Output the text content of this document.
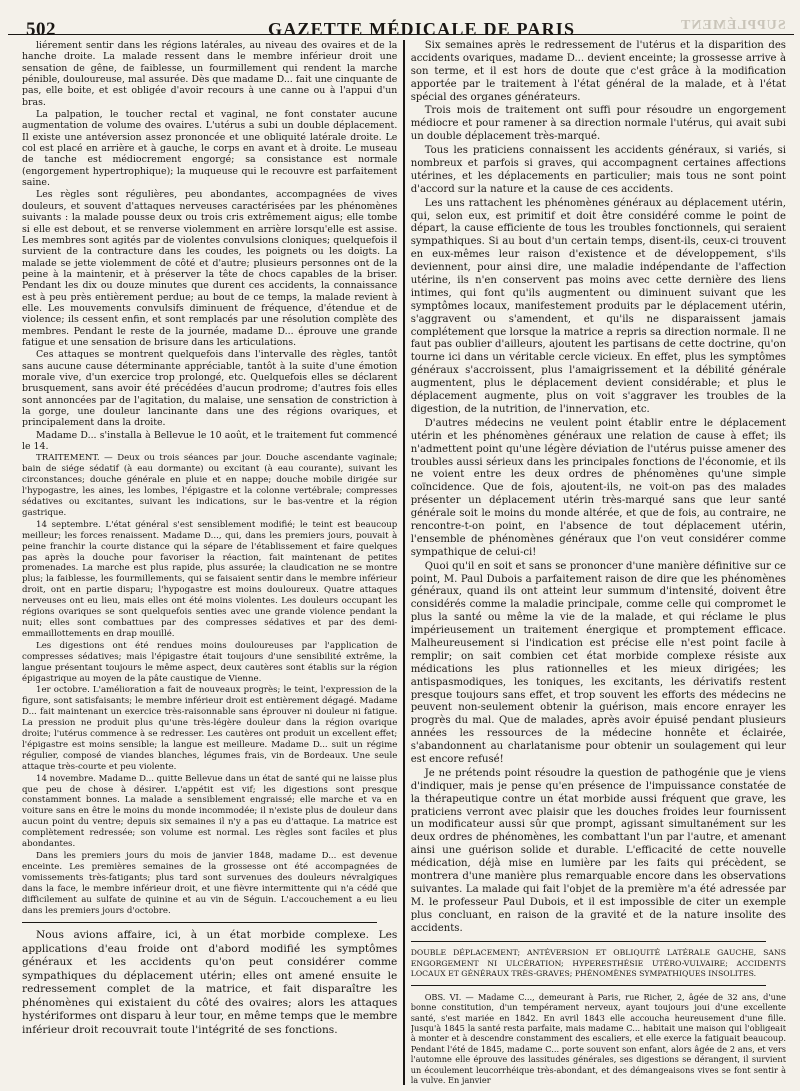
502	GAZETTE MÉDICALE DE PARIS	SUPPLÉMENT

liérement sentir dans les régions latérales, au niveau des ovaires et de la hanche droite. La malade ressent dans le membre inférieur droit une sensation de gêne, de faiblesse, un fourmillement qui rendent la marche pénible, douloureuse, mal assurée. Dès que madame D... fait une cinquante de pas, elle boite, et est obligée d'avoir recours à une canne ou à l'appui d'un bras.

La palpation, le toucher rectal et vaginal, ne font constater aucune augmentation de volume des ovaires. L'utérus a subi un double déplacement. Il existe une antéversion assez prononcée et une obliquité latérale droite. Le col est placé en arrière et à gauche, le corps en avant et à droite. Le museau de tanche est médiocrement engorgé; sa consistance est normale (engorgement hypertrophique); la muqueuse qui le recouvre est parfaitement saine.

Les règles sont régulières, peu abondantes, accompagnées de vives douleurs, et souvent d'attaques nerveuses caractérisées par les phénomènes suivants : la malade pousse deux ou trois cris extrêmement aigus; elle tombe si elle est debout, et se renverse violemment en arrière lorsqu'elle est assise. Les membres sont agités par de violentes convulsions cloniques; quelquefois il survient de la contracture dans les coudes, les poignets ou les doigts. La malade se jette violemment de côté et d'autre; plusieurs personnes ont de la peine à la maintenir, et à préserver la tête de chocs capables de la briser. Pendant les dix ou douze minutes que durent ces accidents, la connaissance est à peu près entièrement perdue; au bout de ce temps, la malade revient à elle. Les mouvements convulsifs diminuent de fréquence, d'étendue et de violence; ils cessent enfin, et sont remplacés par une résolution complète des membres. Pendant le reste de la journée, madame D... éprouve une grande fatigue et une sensation de brisure dans les articulations.

Ces attaques se montrent quelquefois dans l'intervalle des règles, tantôt sans aucune cause déterminante appréciable, tantôt à la suite d'une émotion morale vive, d'un exercice trop prolongé, etc. Quelquefois elles se déclarent brusquement, sans avoir été précédées d'aucun prodrome; d'autres fois elles sont annoncées par de l'agitation, du malaise, une sensation de constriction à la gorge, une douleur lancinante dans une des régions ovariques, et principalement dans la droite.

Madame D... s'installa à Bellevue le 10 août, et le traitement fut commencé le 14.

TRAITEMENT. — Deux ou trois séances par jour. Douche ascendante vaginale; bain de siége sédatif (à eau dormante) ou excitant (à eau courante), suivant les circonstances; douche générale en pluie et en nappe; douche mobile dirigée sur l'hypogastre, les aines, les lombes, l'épigastre et la colonne vertébrale; compresses sédatives ou excitantes, suivant les indications, sur le bas-ventre et la région gastrique.

14 septembre. L'état général s'est sensiblement modifié; le teint est beaucoup meilleur; les forces renaissent. Madame D..., qui, dans les premiers jours, pouvait à peine franchir la courte distance qui la sépare de l'établissement et faire quelques pas après la douche pour favoriser la réaction, fait maintenant de petites promenades. La marche est plus rapide, plus assurée; la claudication ne se montre plus; la faiblesse, les fourmillements, qui se faisaient sentir dans le membre inférieur droit, ont en partie disparu; l'hypogastre est moins douloureux. Quatre attaques nerveuses ont eu lieu, mais elles ont été moins violentes. Les douleurs occupant les régions ovariques se sont quelquefois senties avec une grande violence pendant la nuit; elles sont combattues par des compresses sédatives et par des demi-emmaillottements en drap mouillé.

Les digestions ont été rendues moins douloureuses par l'application de compresses sédatives; mais l'épigastre était toujours d'une sensibilité extrême, la langue présentant toujours le même aspect, deux cautères sont établis sur la région épigastrique au moyen de la pâte caustique de Vienne.

1er octobre. L'amélioration a fait de nouveaux progrès; le teint, l'expression de la figure, sont satisfaisants; le membre inférieur droit est entièrement dégagé. Madame D... fait maintenant un exercice très-raisonnable sans éprouver ni douleur ni fatigue. La pression ne produit plus qu'une très-légère douleur dans la région ovarique droite; l'utérus commence à se redresser. Les cautères ont produit un excellent effet; l'épigastre est moins sensible; la langue est meilleure. Madame D... suit un régime régulier, composé de viandes blanches, légumes frais, vin de Bordeaux. Une seule attaque très-courte et peu violente.

14 novembre. Madame D... quitte Bellevue dans un état de santé qui ne laisse plus que peu de chose à désirer. L'appétit est vif; les digestions sont presque constamment bonnes. La malade a sensiblement engraissé; elle marche et va en voiture sans en être le moins du monde incommodée; il n'existe plus de douleur dans aucun point du ventre; depuis six semaines il n'y a pas eu d'attaque. La matrice est complètement redressée; son volume est normal. Les règles sont faciles et plus abondantes.

Dans les premiers jours du mois de janvier 1848, madame D... est devenue enceinte. Les premières semaines de la grossesse ont été accompagnées de vomissements très-fatigants; plus tard sont survenues des douleurs névralgiques dans la face, le membre inférieur droit, et une fièvre intermittente qui n'a cédé que difficilement au sulfate de quinine et au vin de Séguin. L'accouchement a eu lieu dans les premiers jours d'octobre.

Nous avions affaire, ici, à un état morbide complexe. Les applications d'eau froide ont d'abord modifié les symptômes généraux et les accidents qu'on peut considérer comme sympathiques du déplacement utérin; elles ont amené ensuite le redressement complet de la matrice, et fait disparaître les phénomènes qui existaient du côté des ovaires; alors les attaques hystériformes ont disparu à leur tour, en même temps que le membre inférieur droit recouvrait toute l'intégrité de ses fonctions.

Six semaines après le redressement de l'utérus et la disparition des accidents ovariques, madame D... devient enceinte; la grossesse arrive à son terme, et il est hors de doute que c'est grâce à la modification apportée par le traitement à l'état général de la malade, et à l'état spécial des organes générateurs.

Trois mois de traitement ont suffi pour résoudre un engorgement médiocre et pour ramener à sa direction normale l'utérus, qui avait subi un double déplacement très-marqué.

Tous les praticiens connaissent les accidents généraux, si variés, si nombreux et parfois si graves, qui accompagnent certaines affections utérines, et les déplacements en particulier; mais tous ne sont point d'accord sur la nature et la cause de ces accidents.

Les uns rattachent les phénomènes généraux au déplacement utérin, qui, selon eux, est primitif et doit être considéré comme le point de départ, la cause efficiente de tous les troubles fonctionnels, qui seraient sympathiques. Si au bout d'un certain temps, disent-ils, ceux-ci trouvent en eux-mêmes leur raison d'existence et de développement, s'ils deviennent, pour ainsi dire, une maladie indépendante de l'affection utérine, ils n'en conservent pas moins avec cette dernière des liens intimes, qui font qu'ils augmentent ou diminuent suivant que les symptômes locaux, manifestement produits par le déplacement utérin, s'aggravent ou s'amendent, et qu'ils ne disparaissent jamais complétement que lorsque la matrice a repris sa direction normale. Il ne faut pas oublier d'ailleurs, ajoutent les partisans de cette doctrine, qu'on tourne ici dans un véritable cercle vicieux. En effet, plus les symptômes généraux s'accroissent, plus l'amaigrissement et la débilité générale augmentent, plus le déplacement devient considérable; et plus le déplacement augmente, plus on voit s'aggraver les troubles de la digestion, de la nutrition, de l'innervation, etc.

D'autres médecins ne veulent point établir entre le déplacement utérin et les phénomènes généraux une relation de cause à effet; ils n'admettent point qu'une légère déviation de l'utérus puisse amener des troubles aussi sérieux dans les principales fonctions de l'économie, et ils ne voient entre les deux ordres de phénomènes qu'une simple coïncidence. Que de fois, ajoutent-ils, ne voit-on pas des malades présenter un déplacement utérin très-marqué sans que leur santé générale soit le moins du monde altérée, et que de fois, au contraire, ne rencontre-t-on point, en l'absence de tout déplacement utérin, l'ensemble de phénomènes généraux que l'on veut considérer comme sympathique de celui-ci!

Quoi qu'il en soit et sans se prononcer d'une manière définitive sur ce point, M. Paul Dubois a parfaitement raison de dire que les phénomènes généraux, quand ils ont atteint leur summum d'intensité, doivent être considérés comme la maladie principale, comme celle qui compromet le plus la santé ou même la vie de la malade, et qui réclame le plus impérieusement un traitement énergique et promptement efficace. Malheureusement si l'indication est précise elle n'est point facile à remplir; on sait combien cet état morbide complexe résiste aux médications les plus rationnelles et les mieux dirigées; les antispasmodiques, les toniques, les excitants, les dérivatifs restent presque toujours sans effet, et trop souvent les efforts des médecins ne peuvent non-seulement obtenir la guérison, mais encore enrayer les progrès du mal. Que de malades, après avoir épuisé pendant plusieurs années les ressources de la médecine honnête et éclairée, s'abandonnent au charlatanisme pour obtenir un soulagement qui leur est encore refusé!

Je ne prétends point résoudre la question de pathogénie que je viens d'indiquer, mais je pense qu'en présence de l'impuissance constatée de la thérapeutique contre un état morbide aussi fréquent que grave, les praticiens verront avec plaisir que les douches froides leur fournissent un modificateur aussi sûr que prompt, agissant simultanément sur les deux ordres de phénomènes, les combattant l'un par l'autre, et amenant ainsi une guérison solide et durable. L'efficacité de cette nouvelle médication, déjà mise en lumière par les faits qui précèdent, se montrera d'une manière plus remarquable encore dans les observations suivantes. La malade qui fait l'objet de la première m'a été adressée par M. le professeur Paul Dubois, et il est impossible de citer un exemple plus concluant, en raison de la gravité et de la nature insolite des accidents.

DOUBLE DÉPLACEMENT; ANTÉVERSION ET OBLIQUITÉ LATÉRALE GAUCHE, SANS ENGORGEMENT NI ULCÉRATION; HYPERESTHÉSIE UTÉRO-VULVAIRE; ACCIDENTS LOCAUX ET GÉNÉRAUX TRÈS-GRAVES; PHÉNOMÈNES SYMPATHIQUES INSOLITES.

OBS. VI. — Madame C..., demeurant à Paris, rue Richer, 2, âgée de 32 ans, d'une bonne constitution, d'un tempérament nerveux, ayant toujours joui d'une excellente santé, s'est mariée en 1842. En avril 1843 elle accoucha heureusement d'une fille. Jusqu'à 1845 la santé resta parfaite, mais madame C... habitait une maison qui l'obligeait à monter et à descendre constamment des escaliers, et elle exerce la fatiguait beaucoup. Pendant l'été de 1845, madame C... porte souvent son enfant, alors âgée de 2 ans, et vers l'automne elle éprouve des lassitudes générales, ses digestions se dérangent, il survient un écoulement leucorrhéique très-abondant, et des démangeaisons vives se font sentir à la vulve. En janvier
